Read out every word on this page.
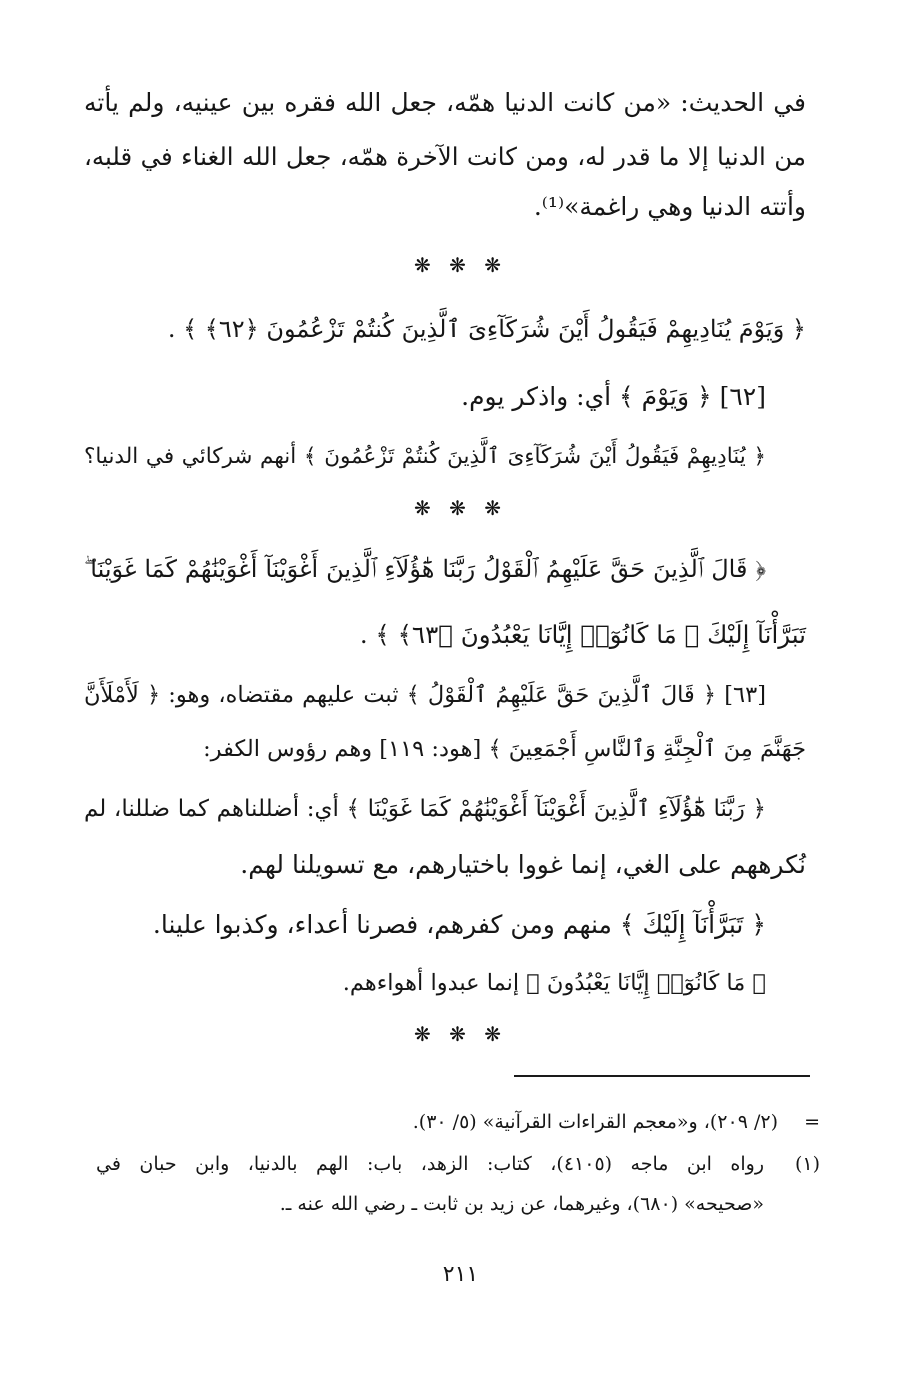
في الحديث: «من كانت الدنيا همّه، جعل الله فقره بين عينيه، ولم يأته
من الدنيا إلا ما قدر له، ومن كانت الآخرة همّه، جعل الله الغناء في قلبه،
وأتته الدنيا وهي راغمة»⁽¹⁾.
❋ ❋ ❋
﴿ وَيَوْمَ يُنَادِيهِمْ فَيَقُولُ أَيْنَ شُرَكَآءِىَ ٱلَّذِينَ كُنتُمْ تَزْعُمُونَ ﴿٦٢﴾ ﴾ .
[٦٢] ﴿ وَيَوْمَ ﴾ أي: واذكر يوم.
﴿ يُنَادِيهِمْ فَيَقُولُ أَيْنَ شُرَكَآءِىَ ٱلَّذِينَ كُنتُمْ تَزْعُمُونَ ﴾ أنهم شركائي في الدنيا؟
❋ ❋ ❋
﴿ قَالَ ٱلَّذِينَ حَقَّ عَلَيْهِمُ ٱلْقَوْلُ رَبَّنَا هَٰٓؤُلَآءِ ٱلَّذِينَ أَغْوَيْنَآ أَغْوَيْنَٰهُمْ كَمَا غَوَيْنَا ۖ
تَبَرَّأْنَآ إِلَيْكَ ۖ مَا كَانُوٓا۟ إِيَّانَا يَعْبُدُونَ ﴿٦٣﴾ ﴾ .
[٦٣] ﴿ قَالَ ٱلَّذِينَ حَقَّ عَلَيْهِمُ ٱلْقَوْلُ ﴾ ثبت عليهم مقتضاه، وهو: ﴿ لَأَمْلَأَنَّ
جَهَنَّمَ مِنَ ٱلْجِنَّةِ وَٱلنَّاسِ أَجْمَعِينَ ﴾ [هود: ١١٩] وهم رؤوس الكفر:
﴿ رَبَّنَا هَٰٓؤُلَآءِ ٱلَّذِينَ أَغْوَيْنَآ أَغْوَيْنَٰهُمْ كَمَا غَوَيْنَا ﴾ أي: أضللناهم كما ضللنا، لم
نُكرههم على الغي، إنما غووا باختيارهم، مع تسويلنا لهم.
﴿ تَبَرَّأْنَآ إِلَيْكَ ﴾ منهم ومن كفرهم، فصرنا أعداء، وكذبوا علينا.
﴿ مَا كَانُوٓا۟ إِيَّانَا يَعْبُدُونَ ﴾ إنما عبدوا أهواءهم.
❋ ❋ ❋
=
(٢/ ٢٠٩)، و«معجم القراءات القرآنية» (٥/ ٣٠).
(١)
رواه ابن ماجه (٤١٠٥)، كتاب: الزهد، باب: الهم بالدنيا، وابن حبان في
«صحيحه» (٦٨٠)، وغيرهما، عن زيد بن ثابت ـ رضي الله عنه ـ.
٢١١
